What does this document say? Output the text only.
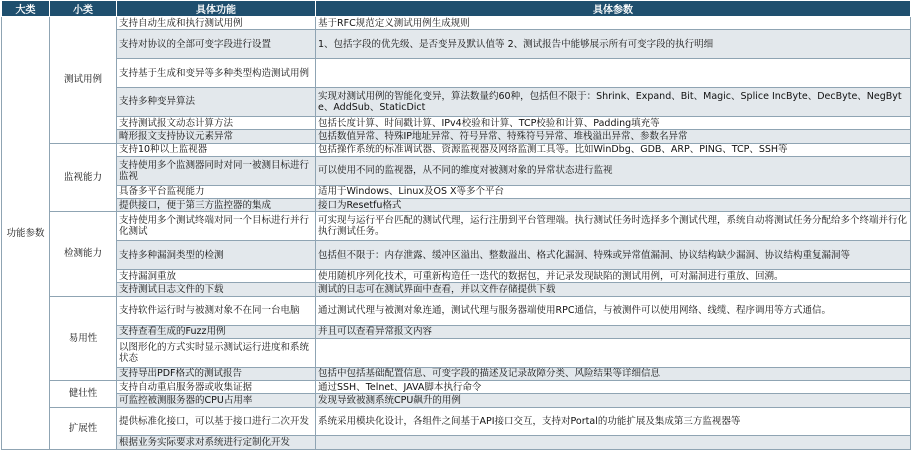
大类	小类	具体功能	具体参数
功能参数	测试用例	支持自动生成和执行测试用例	基于RFC规范定义测试用例生成规则
		支持对协议的全部可变字段进行设置	1、包括字段的优先级、是否变异及默认值等 2、测试报告中能够展示所有可变字段的执行明细
		支持基于生成和变异等多种类型构造测试用例	
		支持多种变异算法	实现对测试用例的智能化变异，算法数量约60种，包括但不限于：Shrink、Expand、Bit、Magic、Splice IncByte、DecByte、NegByte、AddSub、StaticDict
		支持测试报文动态计算方法	包括长度计算、时间戳计算、IPv4校验和计算、TCP校验和计算、Padding填充等
		畸形报文支持协议元素异常	包括数值异常、特殊IP地址异常、符号异常、特殊符号异常、堆栈溢出异常、参数名异常
	监视能力	支持10种以上监视器	包括操作系统的标准调试器、资源监视器及网络监测工具等。比如WinDbg、GDB、ARP、PING、TCP、SSH等
		支持使用多个监测器同时对同一被测目标进行监视	可以使用不同的监视器，从不同的维度对被测对象的异常状态进行监视
		具备多平台监视能力	适用于Windows、Linux及OS X等多个平台
		提供接口，便于第三方监控器的集成	接口为Resetfu格式
	检测能力	支持使用多个测试终端对同一个目标进行并行化测试	可实现与运行平台匹配的测试代理，运行注册到平台管理端。执行测试任务时选择多个测试代理，系统自动将测试任务分配给多个终端并行化执行测试任务。
		支持多种漏洞类型的检测	包括但不限于：内存泄露、缓冲区溢出、整数溢出、格式化漏洞、特殊或异常值漏洞、协议结构缺少漏洞、协议结构重复漏洞等
		支持漏洞重放	使用随机序列化技术，可重新构造任一迭代的数据包，并记录发现缺陷的测试用例，可对漏洞进行重放、回溯。
		支持测试日志文件的下载	测试的日志可在测试界面中查看，并以文件存储提供下载
	易用性	支持软件运行时与被测对象不在同一台电脑	通过测试代理与被测对象连通，测试代理与服务器端使用RPC通信，与被测件可以使用网络、线缆、程序调用等方式通信。
		支持查看生成的Fuzz用例	并且可以查看异常报文内容
		以图形化的方式实时显示测试运行进度和系统状态	
		支持导出PDF格式的测试报告	包括中包括基础配置信息、可变字段的描述及记录故障分类、风险结果等详细信息
	健壮性	支持自动重启服务器或收集证据	通过SSH、Telnet、JAVA脚本执行命令
		可监控被测服务器的CPU占用率	发现导致被测系统CPU飙升的用例
	扩展性	提供标准化接口，可以基于接口进行二次开发	系统采用模块化设计，各组件之间基于API接口交互，支持对Portal的功能扩展及集成第三方监视器等
		根据业务实际要求对系统进行定制化开发	
